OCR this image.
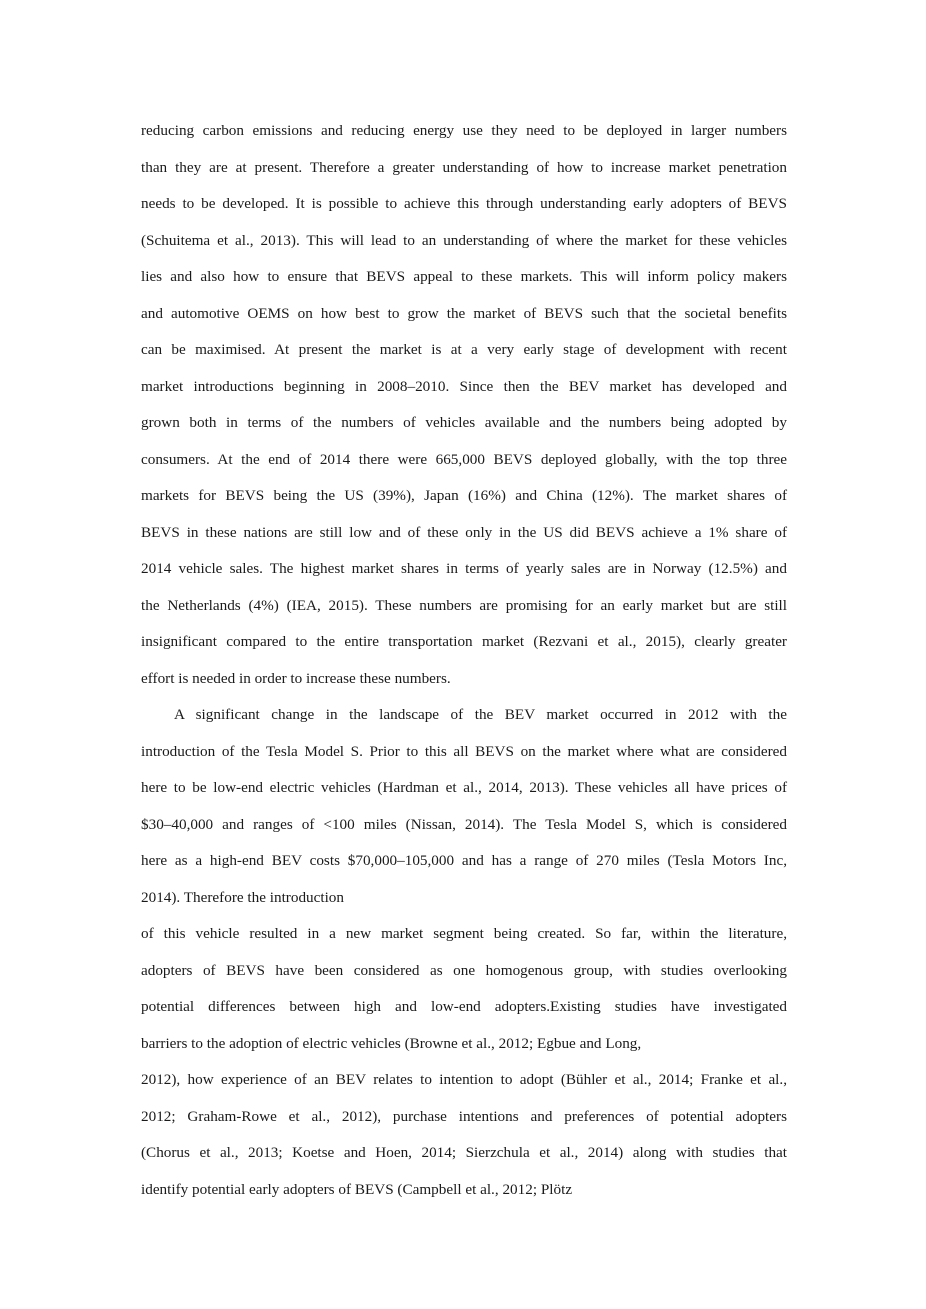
reducing carbon emissions and reducing energy use they need to be deployed in larger numbers
than they are at present. Therefore a greater understanding of how to increase market penetration
needs to be developed. It is possible to achieve this through understanding early adopters of BEVS
(Schuitema et al., 2013). This will lead to an understanding of where the market for these vehicles
lies and also how to ensure that BEVS appeal to these markets. This will inform policy makers
and automotive OEMS on how best to grow the market of BEVS such that the societal benefits
can be maximised. At present the market is at a very early stage of development with recent
market introductions beginning in 2008–2010. Since then the BEV market has developed and
grown both in terms of the numbers of vehicles available and the numbers being adopted by
consumers. At the end of 2014 there were 665,000 BEVS deployed globally, with the top three
markets for BEVS being the US (39%), Japan (16%) and China (12%). The market shares of
BEVS in these nations are still low and of these only in the US did BEVS achieve a 1% share of
2014 vehicle sales. The highest market shares in terms of yearly sales are in Norway (12.5%) and
the Netherlands (4%) (IEA, 2015). These numbers are promising for an early market but are still
insignificant compared to the entire transportation market (Rezvani et al., 2015), clearly greater
effort is needed in order to increase these numbers.
A significant change in the landscape of the BEV market occurred in 2012 with the
introduction of the Tesla Model S. Prior to this all BEVS on the market where what are considered
here to be low-end electric vehicles (Hardman et al., 2014, 2013). These vehicles all have prices of
$30–40,000 and ranges of <100 miles (Nissan, 2014). The Tesla Model S, which is considered
here as a high-end BEV costs $70,000–105,000 and has a range of 270 miles (Tesla Motors Inc,
2014). Therefore the introduction
of this vehicle resulted in a new market segment being created. So far, within the literature,
adopters of BEVS have been considered as one homogenous group, with studies overlooking
potential differences between high and low-end adopters.Existing studies have investigated
barriers to the adoption of electric vehicles (Browne et al., 2012; Egbue and Long,
2012), how experience of an BEV relates to intention to adopt (Bühler et al., 2014; Franke et al.,
2012; Graham-Rowe et al., 2012), purchase intentions and preferences of potential adopters
(Chorus et al., 2013; Koetse and Hoen, 2014; Sierzchula et al., 2014) along with studies that
identify potential early adopters of BEVS (Campbell et al., 2012; Plötz
